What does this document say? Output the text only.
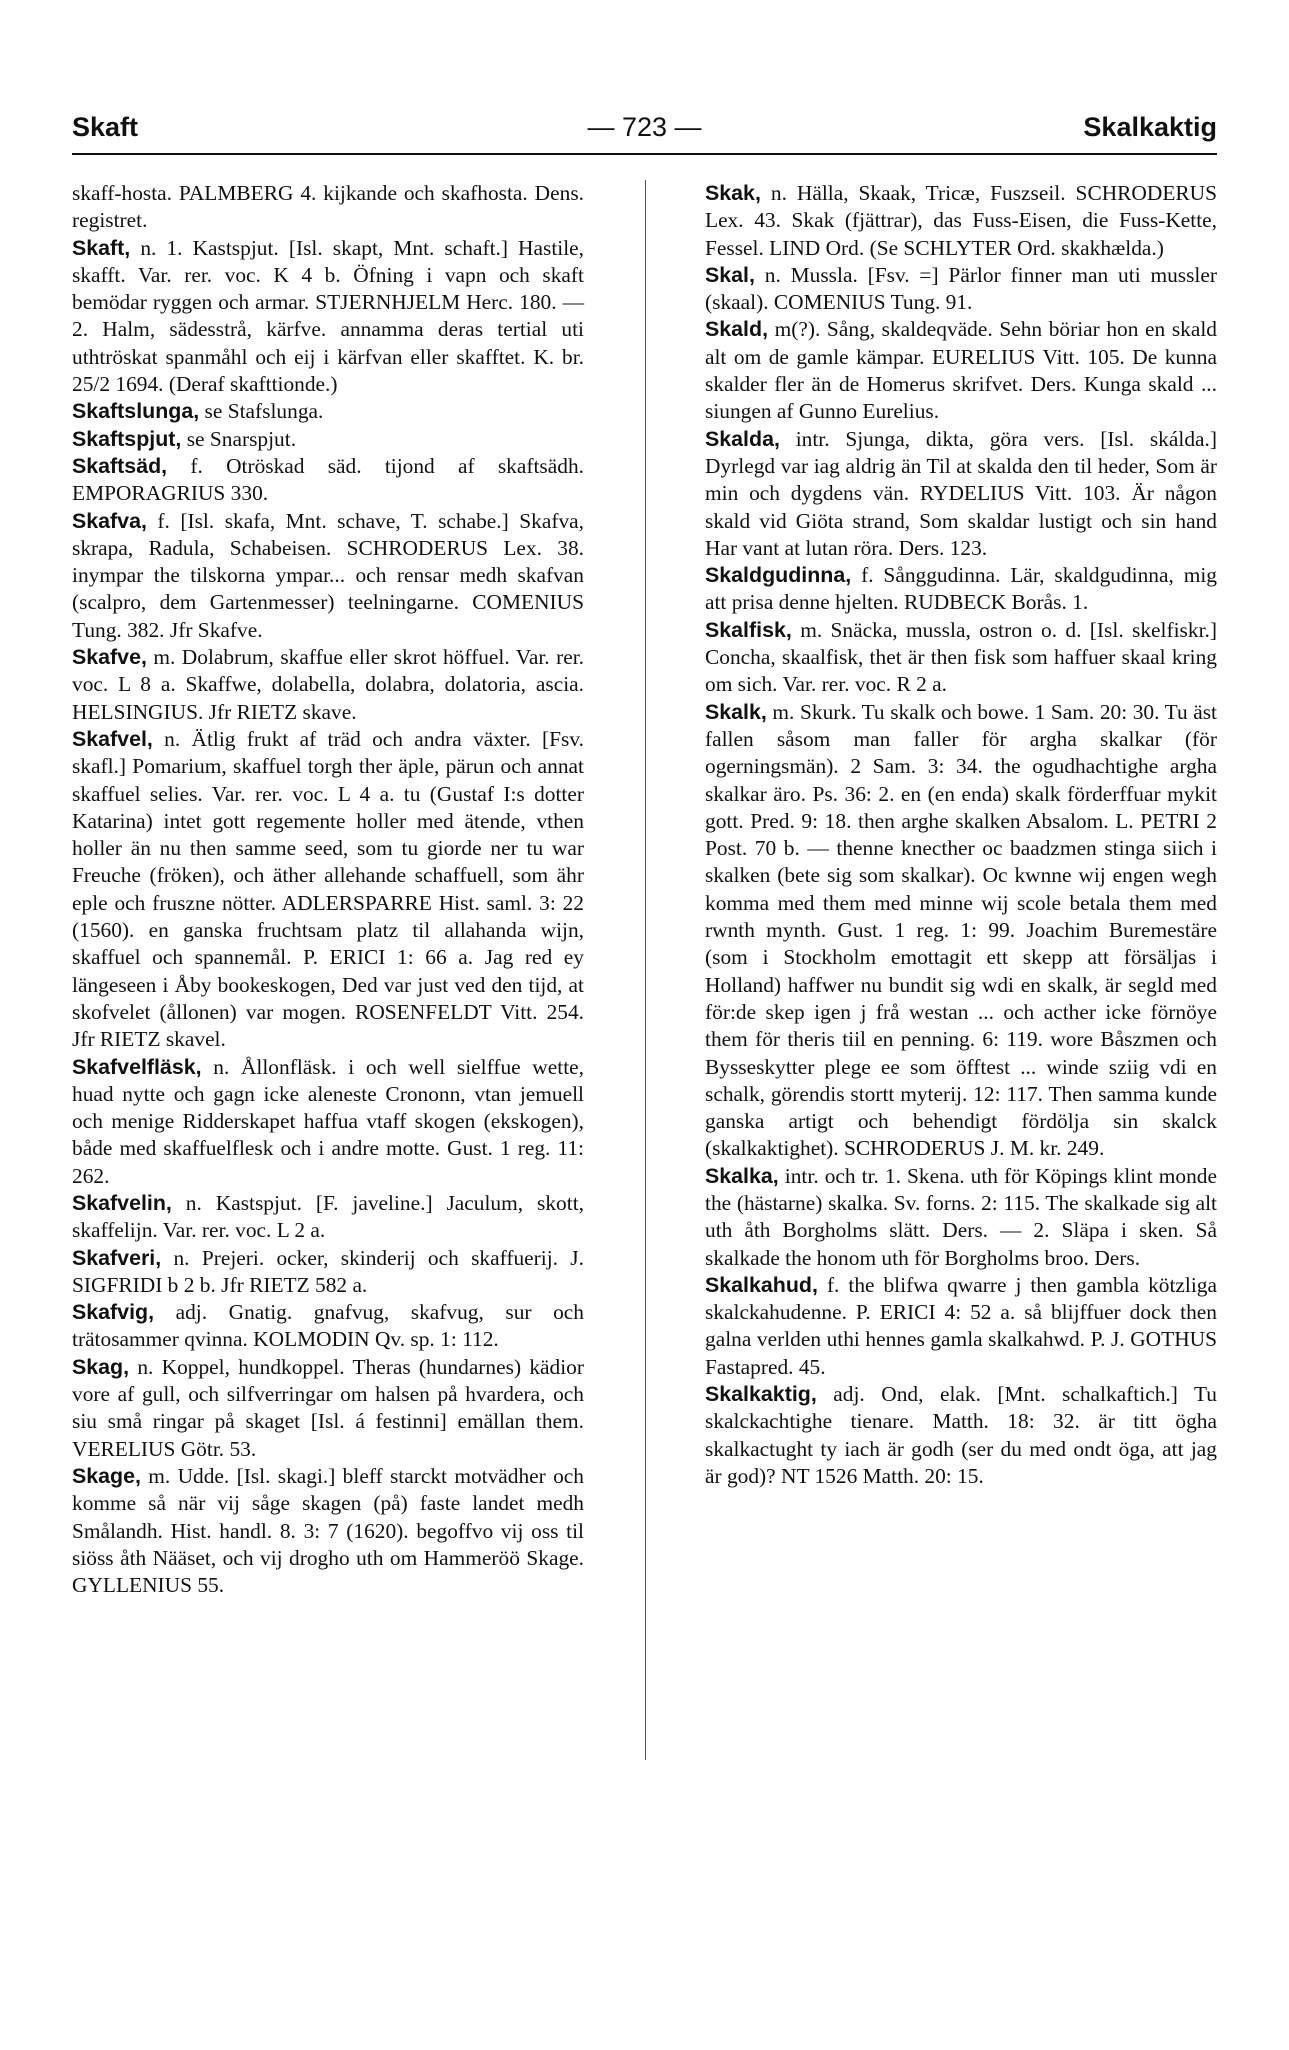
Skaft	— 723 —	Skalkaktig

skaff-hosta. PALMBERG 4. kijkande och skafhosta. Dens. registret.

Skaft, n. 1. Kastspjut. [Isl. skapt, Mnt. schaft.] Hastile, skafft. Var. rer. voc. K 4 b. Öfning i vapn och skaft bemödar ryggen och armar. STJERNHJELM Herc. 180. — 2. Halm, sädesstrå, kärfve. annamma deras tertial uti uthtröskat spanmåhl och eij i kärfvan eller skafftet. K. br. 25/2 1694. (Deraf skafttionde.)

Skaftslunga, se Stafslunga.

Skaftspjut, se Snarspjut.

Skaftsäd, f. Otröskad säd. tijond af skaftsädh. EMPORAGRIUS 330.

Skafva, f. [Isl. skafa, Mnt. schave, T. schabe.] Skafva, skrapa, Radula, Schabeisen. SCHRODERUS Lex. 38. inympar the tilskorna ympar... och rensar medh skafvan (scalpro, dem Gartenmesser) teelningarne. COMENIUS Tung. 382. Jfr Skafve.

Skafve, m. Dolabrum, skaffue eller skrot höffuel. Var. rer. voc. L 8 a. Skaffwe, dolabella, dolabra, dolatoria, ascia. HELSINGIUS. Jfr RIETZ skave.

Skafvel, n. Ätlig frukt af träd och andra växter. [Fsv. skafl.] Pomarium, skaffuel torgh ther äple, pärun och annat skaffuel selies. Var. rer. voc. L 4 a. tu (Gustaf I:s dotter Katarina) intet gott regemente holler med ätende, vthen holler än nu then samme seed, som tu giorde ner tu war Freuche (fröken), och äther allehande schaffuell, som ähr eple och fruszne nötter. ADLERSPARRE Hist. saml. 3: 22 (1560). en ganska fruchtsam platz til allahanda wijn, skaffuel och spannemål. P. ERICI 1: 66 a. Jag red ey längeseen i Åby bookeskogen, Ded var just ved den tijd, at skofvelet (ållonen) var mogen. ROSENFELDT Vitt. 254. Jfr RIETZ skavel.

Skafvelfläsk, n. Ållonfläsk. i och well sielffue wette, huad nytte och gagn icke aleneste Crononn, vtan jemuell och menige Ridderskapet haffua vtaff skogen (ekskogen), både med skaffuelflesk och i andre motte. Gust. 1 reg. 11: 262.

Skafvelin, n. Kastspjut. [F. javeline.] Jaculum, skott, skaffelijn. Var. rer. voc. L 2 a.

Skafveri, n. Prejeri. ocker, skinderij och skaffuerij. J. SIGFRIDI b 2 b. Jfr RIETZ 582 a.

Skafvig, adj. Gnatig. gnafvug, skafvug, sur och trätosammer qvinna. KOLMODIN Qv. sp. 1: 112.

Skag, n. Koppel, hundkoppel. Theras (hundarnes) kädior vore af gull, och silfverringar om halsen på hvardera, och siu små ringar på skaget [Isl. á festinni] emällan them. VERELIUS Götr. 53.

Skage, m. Udde. [Isl. skagi.] bleff starckt motvädher och komme så när vij såge skagen (på) faste landet medh Smålandh. Hist. handl. 8. 3: 7 (1620). begoffvo vij oss til siöss åth Nääset, och vij drogho uth om Hammeröö Skage. GYLLENIUS 55.

Skak, n. Hälla, Skaak, Tricæ, Fuszseil. SCHRODERUS Lex. 43. Skak (fjättrar), das Fuss-Eisen, die Fuss-Kette, Fessel. LIND Ord. (Se SCHLYTER Ord. skakhælda.)

Skal, n. Mussla. [Fsv. =] Pärlor finner man uti mussler (skaal). COMENIUS Tung. 91.

Skald, m(?). Sång, skaldeqväde. Sehn böriar hon en skald alt om de gamle kämpar. EURELIUS Vitt. 105. De kunna skalder fler än de Homerus skrifvet. Ders. Kunga skald ... siungen af Gunno Eurelius.

Skalda, intr. Sjunga, dikta, göra vers. [Isl. skálda.] Dyrlegd var iag aldrig än Til at skalda den til heder, Som är min och dygdens vän. RYDELIUS Vitt. 103. Är någon skald vid Giöta strand, Som skaldar lustigt och sin hand Har vant at lutan röra. Ders. 123.

Skaldgudinna, f. Sånggudinna. Lär, skaldgudinna, mig att prisa denne hjelten. RUDBECK Borås. 1.

Skalfisk, m. Snäcka, mussla, ostron o. d. [Isl. skelfiskr.] Concha, skaalfisk, thet är then fisk som haffuer skaal kring om sich. Var. rer. voc. R 2 a.

Skalk, m. Skurk. Tu skalk och bowe. 1 Sam. 20: 30. Tu äst fallen såsom man faller för argha skalkar (för ogerningsmän). 2 Sam. 3: 34. the ogudhachtighe argha skalkar äro. Ps. 36: 2. en (en enda) skalk förderffuar mykit gott. Pred. 9: 18. then arghe skalken Absalom. L. PETRI 2 Post. 70 b. — thenne knecther oc baadzmen stinga siich i skalken (bete sig som skalkar). Oc kwnne wij engen wegh komma med them med minne wij scole betala them med rwnth mynth. Gust. 1 reg. 1: 99. Joachim Buremestäre (som i Stockholm emottagit ett skepp att försäljas i Holland) haffwer nu bundit sig wdi en skalk, är segld med för:de skep igen j frå westan ... och acther icke förnöye them för theris tiil en penning. 6: 119. wore Båszmen och Bysseskytter plege ee som öfftest ... winde sziig vdi en schalk, görendis stortt myterij. 12: 117. Then samma kunde ganska artigt och behendigt fördölja sin skalck (skalkaktighet). SCHRODERUS J. M. kr. 249.

Skalka, intr. och tr. 1. Skena. uth för Köpings klint monde the (hästarne) skalka. Sv. forns. 2: 115. The skalkade sig alt uth åth Borgholms slätt. Ders. — 2. Släpa i sken. Så skalkade the honom uth för Borgholms broo. Ders.

Skalkahud, f. the blifwa qwarre j then gambla kötzliga skalckahudenne. P. ERICI 4: 52 a. så blijffuer dock then galna verlden uthi hennes gamla skalkahwd. P. J. GOTHUS Fastapred. 45.

Skalkaktig, adj. Ond, elak. [Mnt. schalkaftich.] Tu skalckachtighe tienare. Matth. 18: 32. är titt ögha skalkactught ty iach är godh (ser du med ondt öga, att jag är god)? NT 1526 Matth. 20: 15.
